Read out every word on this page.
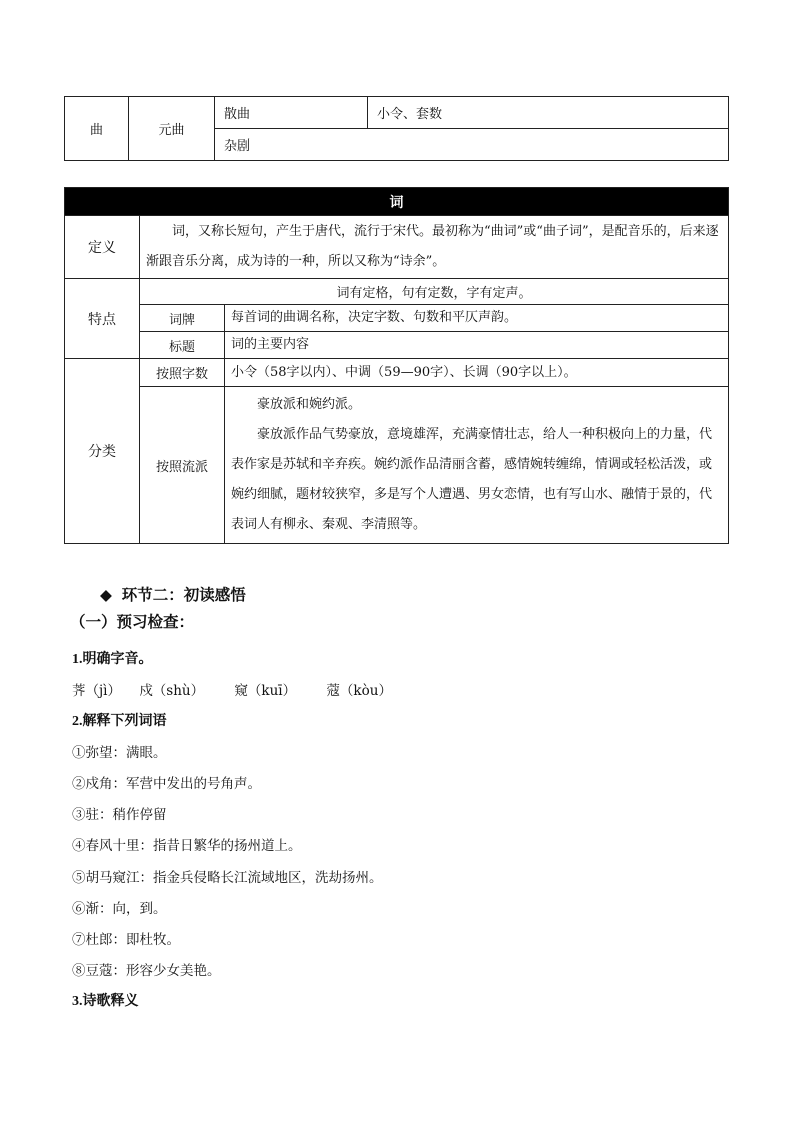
曲	元曲	散曲	小令、套数
杂剧
词		
定义	词，又称长短句，产生于唐代，流行于宋代。最初称为“曲词”或“曲子词”，是配音乐的，后来逐渐跟音乐分离，成为诗的一种，所以又称为“诗余”。	
特点	词有定格，句有定数，字有定声。	
	词牌	每首词的曲调名称，决定字数、句数和平仄声韵。
	标题	词的主要内容
分类	按照字数	小令（58字以内）、中调（59—90字）、长调（90字以上）。
	按照流派	豪放派和婉约派。
豪放派作品气势豪放，意境雄浑，充满豪情壮志，给人一种积极向上的力量，代表作家是苏轼和辛弃疾。婉约派作品清丽含蓄，感情婉转缠绵，情调或轻松活泼，或婉约细腻，题材较狭窄，多是写个人遭遇、男女恋情，也有写山水、融情于景的，代表词人有柳永、秦观、李清照等。
◆ 环节二：初读感悟
（一）预习检查：
1.明确字音。
荠（jì） 戍（shù） 窥（kuī） 蔻（kòu）
2.解释下列词语
①弥望：满眼。
②戍角：军营中发出的号角声。
③驻：稍作停留
④春风十里：指昔日繁华的扬州道上。
⑤胡马窥江：指金兵侵略长江流域地区，洗劫扬州。
⑥渐：向，到。
⑦杜郎：即杜牧。
⑧豆蔻：形容少女美艳。
3.诗歌释义
